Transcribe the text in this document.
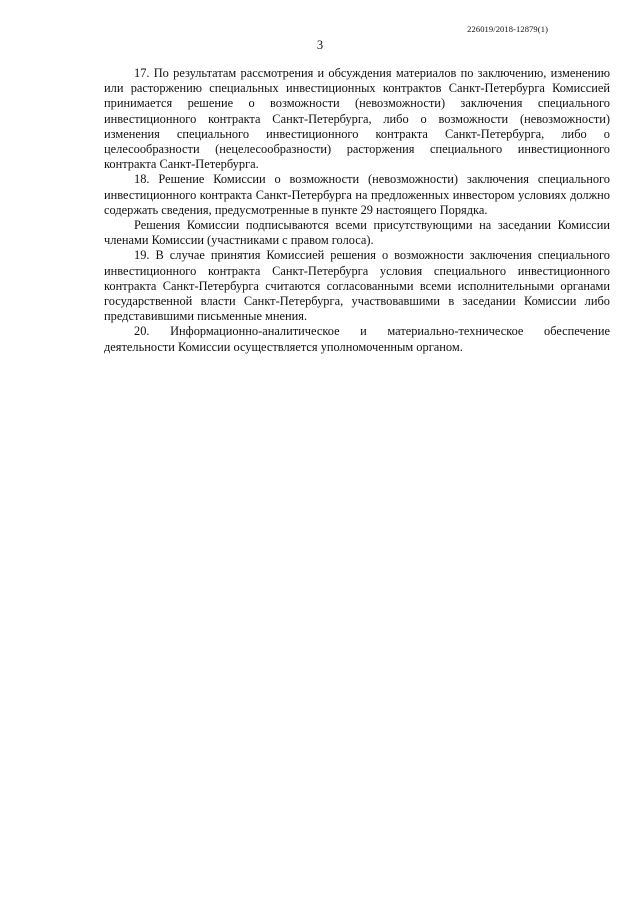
226019/2018-12879(1)
3

17. По результатам рассмотрения и обсуждения материалов по заключению, изменению или расторжению специальных инвестиционных контрактов Санкт-Петербурга Комиссией принимается решение о возможности (невозможности) заключения специального инвестиционного контракта Санкт-Петербурга, либо о возможности (невозможности) изменения специального инвестиционного контракта Санкт-Петербурга, либо о целесообразности (нецелесообразности) расторжения специального инвестиционного контракта Санкт-Петербурга.

18. Решение Комиссии о возможности (невозможности) заключения специального инвестиционного контракта Санкт-Петербурга на предложенных инвестором условиях должно содержать сведения, предусмотренные в пункте 29 настоящего Порядка.

Решения Комиссии подписываются всеми присутствующими на заседании Комиссии членами Комиссии (участниками с правом голоса).

19. В случае принятия Комиссией решения о возможности заключения специального инвестиционного контракта Санкт-Петербурга условия специального инвестиционного контракта Санкт-Петербурга считаются согласованными всеми исполнительными органами государственной власти Санкт-Петербурга, участвовавшими в заседании Комиссии либо представившими письменные мнения.

20. Информационно-аналитическое и материально-техническое обеспечение деятельности Комиссии осуществляется уполномоченным органом.
